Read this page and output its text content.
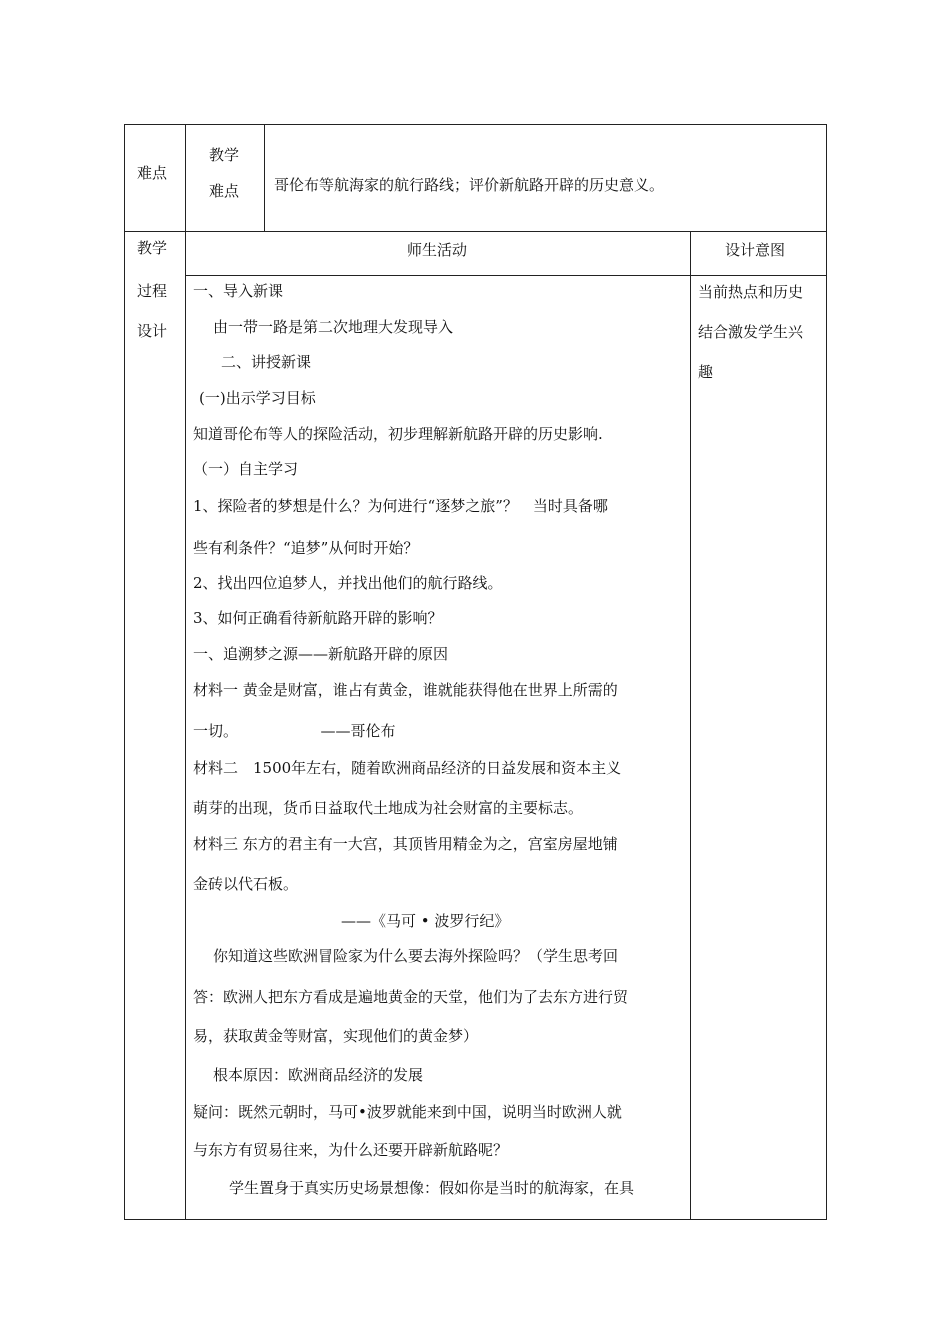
难点
教学
难点 哥伦布等航海家的航行路线；评价新航路开辟的历史意义。
教学
过程
设计
师生活动	设计意图
当前热点和历史
结合激发学生兴
趣
一、导入新课
由一带一路是第二次地理大发现导入
二、讲授新课
(一)出示学习目标
知道哥伦布等人的探险活动，初步理解新航路开辟的历史影响.
（一）自主学习
1、探险者的梦想是什么？为何进行“逐梦之旅”？　当时具备哪
些有利条件？“追梦”从何时开始？
2、找出四位追梦人，并找出他们的航行路线。
3、如何正确看待新航路开辟的影响？
一、追溯梦之源——新航路开辟的原因
材料一 黄金是财富，谁占有黄金，谁就能获得他在世界上所需的
一切。　　　　　　——哥伦布
材料二　1500年左右，随着欧洲商品经济的日益发展和资本主义
萌芽的出现，货币日益取代土地成为社会财富的主要标志。
材料三 东方的君主有一大宫，其顶皆用精金为之，宫室房屋地铺
金砖以代石板。
——《马可 • 波罗行纪》
你知道这些欧洲冒险家为什么要去海外探险吗？（学生思考回
答：欧洲人把东方看成是遍地黄金的天堂，他们为了去东方进行贸
易，获取黄金等财富，实现他们的黄金梦）
根本原因：欧洲商品经济的发展
疑问：既然元朝时，马可•波罗就能来到中国，说明当时欧洲人就
与东方有贸易往来，为什么还要开辟新航路呢？
学生置身于真实历史场景想像：假如你是当时的航海家，在具
